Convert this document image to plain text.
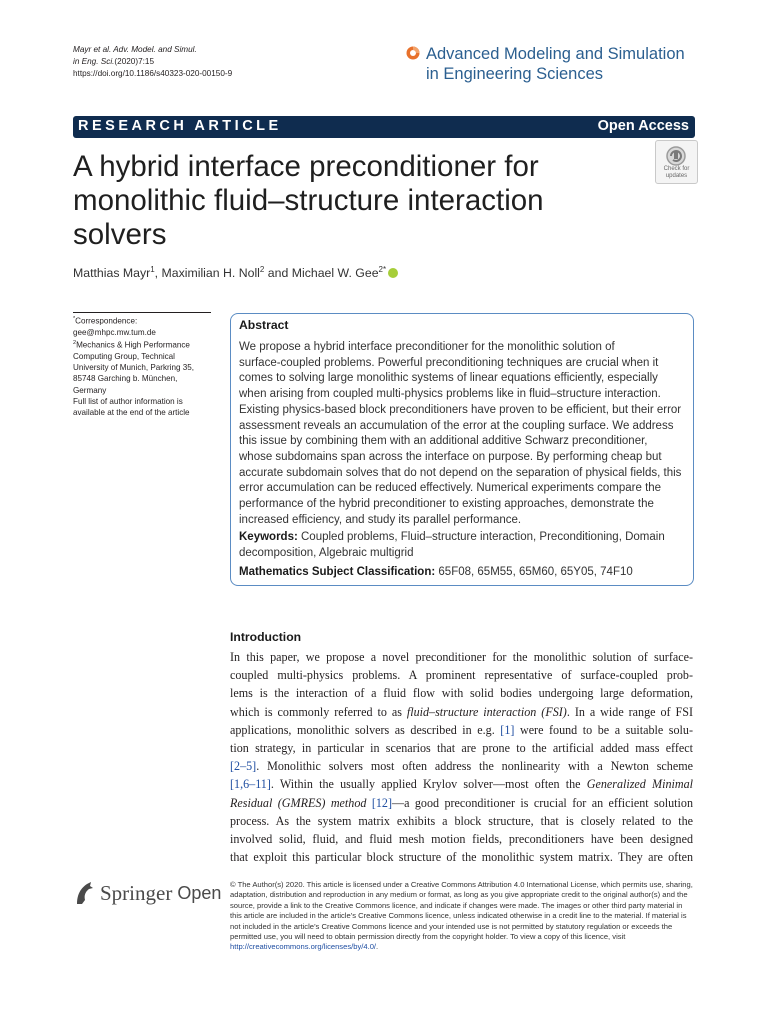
Mayr et al. Adv. Model. and Simul.
in Eng. Sci.(2020)7:15
https://doi.org/10.1186/s40323-020-00150-9
Advanced Modeling and Simulation
in Engineering Sciences
RESEARCH ARTICLE	Open Access
A hybrid interface preconditioner for
monolithic fluid–structure interaction
solvers
Check for
updates
Matthias Mayr$^1$, Maximilian H. Noll$^2$ and Michael W. Gee$^{2*}$
*Correspondence:
gee@mhpc.mw.tum.de
$^2$Mechanics & High Performance
Computing Group, Technical
University of Munich, Parkring 35,
85748 Garching b. München,
Germany
Full list of author information is
available at the end of the article
Abstract
We propose a hybrid interface preconditioner for the monolithic solution of
surface-coupled problems. Powerful preconditioning techniques are crucial when it
comes to solving large monolithic systems of linear equations efficiently, especially
when arising from coupled multi-physics problems like in fluid–structure interaction.
Existing physics-based block preconditioners have proven to be efficient, but their error
assessment reveals an accumulation of the error at the coupling surface. We address
this issue by combining them with an additional additive Schwarz preconditioner,
whose subdomains span across the interface on purpose. By performing cheap but
accurate subdomain solves that do not depend on the separation of physical fields, this
error accumulation can be reduced effectively. Numerical experiments compare the
performance of the hybrid preconditioner to existing approaches, demonstrate the
increased efficiency, and study its parallel performance.
Keywords: Coupled problems, Fluid–structure interaction, Preconditioning, Domain
decomposition, Algebraic multigrid
Mathematics Subject Classification: 65F08, 65M55, 65M60, 65Y05, 74F10
Introduction
In this paper, we propose a novel preconditioner for the monolithic solution of surface-
coupled multi-physics problems. A prominent representative of surface-coupled prob-
lems is the interaction of a fluid flow with solid bodies undergoing large deformation,
which is commonly referred to as fluid–structure interaction (FSI). In a wide range of FSI
applications, monolithic solvers as described in e.g. [1] were found to be a suitable solu-
tion strategy, in particular in scenarios that are prone to the artificial added mass effect
[2–5]. Monolithic solvers most often address the nonlinearity with a Newton scheme
[1,6–11]. Within the usually applied Krylov solver—most often the Generalized Minimal
Residual (GMRES) method [12]—a good preconditioner is crucial for an efficient solution
process. As the system matrix exhibits a block structure, that is closely related to the
involved solid, fluid, and fluid mesh motion fields, preconditioners have been designed
that exploit this particular block structure of the monolithic system matrix. They are often
Springer Open © The Author(s) 2020. This article is licensed under a Creative Commons Attribution 4.0 International License, which permits use, sharing, adaptation, distribution and reproduction in any medium or format, as long as you give appropriate credit to the original author(s) and the source, provide a link to the Creative Commons licence, and indicate if changes were made. The images or other third party material in this article are included in the article’s Creative Commons licence, unless indicated otherwise in a credit line to the material. If material is not included in the article’s Creative Commons licence and your intended use is not permitted by statutory regulation or exceeds the permitted use, you will need to obtain permission directly from the copyright holder. To view a copy of this licence, visit http://creativecommons.org/licenses/by/4.0/.
